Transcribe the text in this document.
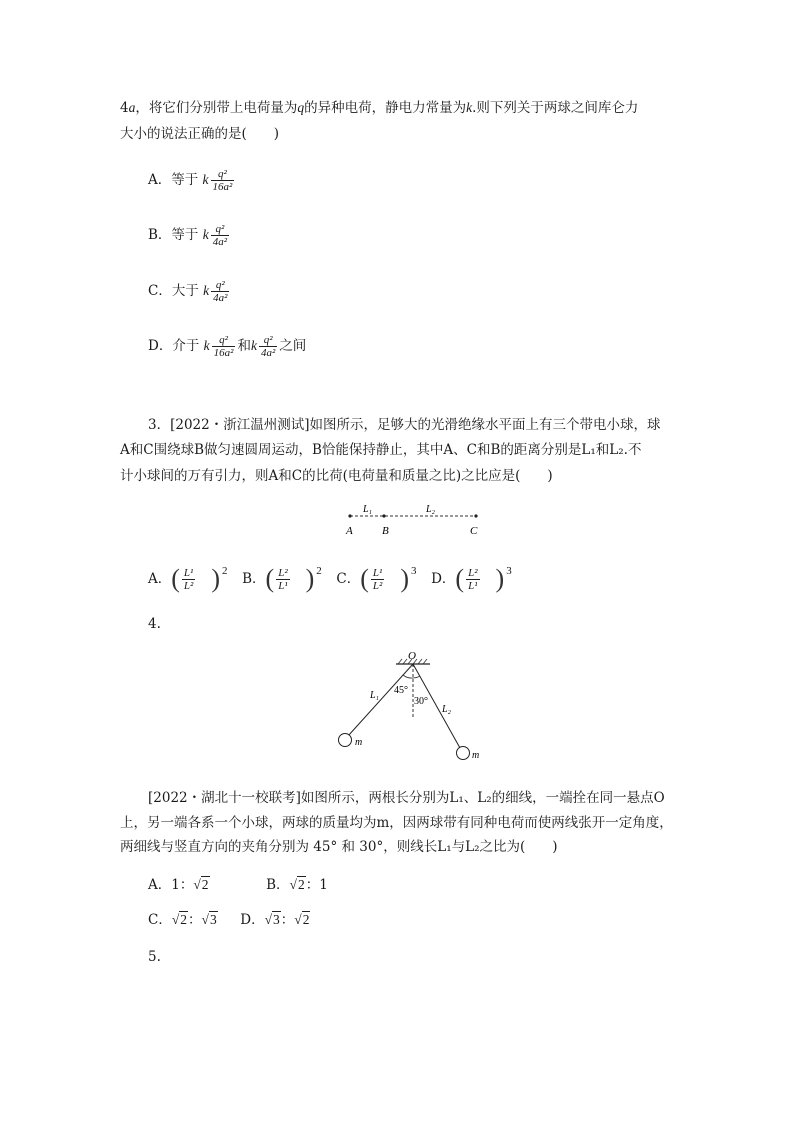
4a，将它们分别带上电荷量为q的异种电荷，静电力常量为k.则下列关于两球之间库仑力
大小的说法正确的是(　　)
A．等于 k $\frac{\text{q²}}{\text{16a²}}$
B．等于 k $\frac{\text{q²}}{\text{4a²}}$
C．大于 k $\frac{\text{q²}}{\text{4a²}}$
D．介于 k $\frac{\text{q²}}{\text{16a²}}$ 和k $\frac{\text{q²}}{\text{4a²}}$ 之间
3．[2022・浙江温州测试]如图所示，足够大的光滑绝缘水平面上有三个带电小球，球
A和C围绕球B做匀速圆周运动，B恰能保持静止，其中A、C和B的距离分别是L₁和L₂.不
计小球间的万有引力，则A和C的比荷(电荷量和质量之比)之比应是(　　)
A	B	C
L₁	L₂
A．( $\frac{\text{L¹}}{\text{L²}}$ ) $^2$ B．( $\frac{\text{L²}}{\text{L¹}}$ ) $^2$ C．( $\frac{\text{L¹}}{\text{L²}}$ ) $^3$ D．( $\frac{\text{L²}}{\text{L¹}}$ ) $^3$
4.
O
m
m
45°
30°
L₁
L₂
[2022・湖北十一校联考]如图所示，两根长分别为L₁、L₂的细线，一端拴在同一悬点O
上，另一端各系一个小球，两球的质量均为m，因两球带有同种电荷而使两线张开一定角度，
两细线与竖直方向的夹角分别为 45° 和 30°，则线长L₁与L₂之比为(　　)
A．1：√2	B．√2：1
C．√2：√3 D．√3：√2
5.
